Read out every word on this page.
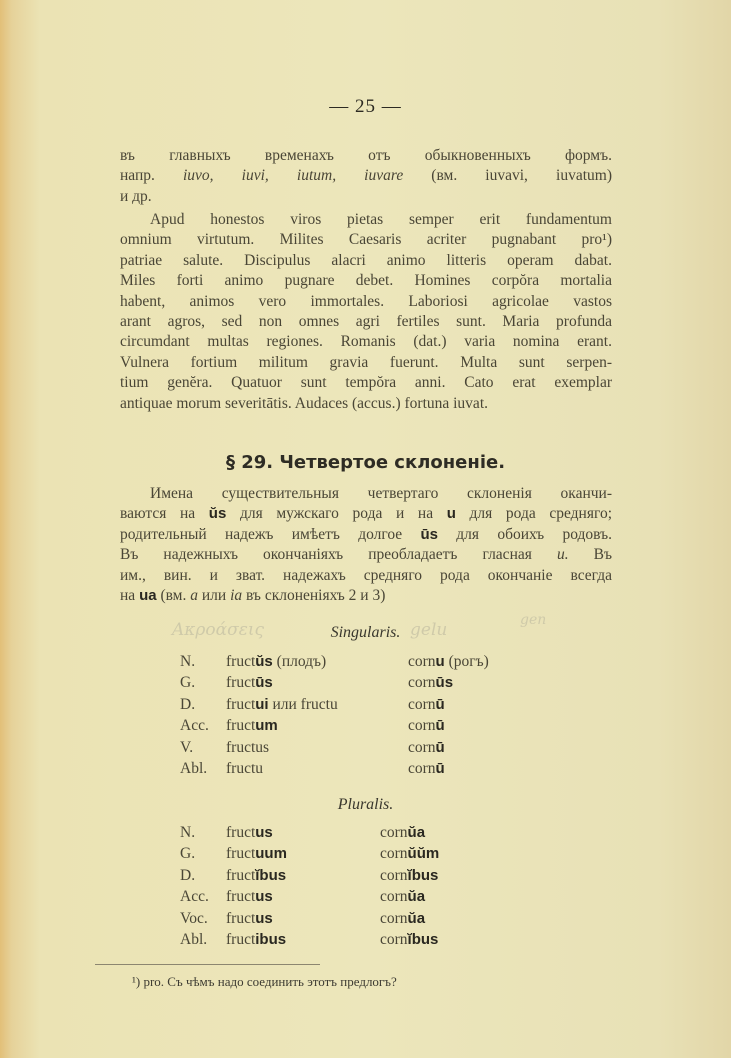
— 25 —

въ главныхъ временахъ отъ обыкновенныхъ формъ.
напр. iuvo, iuvi, iutum, iuvare (вм. iuvavi, iuvatum)
и др.

Apud honestos viros pietas semper erit fundamentum
omnium virtutum. Milites Caesaris acriter pugnabant pro¹)
patriae salute. Discipulus alacri animo litteris operam dabat.
Miles forti animo pugnare debet. Homines corpŏra mortalia
habent, animos vero immortales. Laboriosi agricolae vastos
arant agros, sed non omnes agri fertiles sunt. Maria profunda
circumdant multas regiones. Romanis (dat.) varia nomina erant.
Vulnera fortium militum gravia fuerunt. Multa sunt serpen-
tium genĕra. Quatuor sunt tempŏra anni. Cato erat exemplar
antiquae morum severitātis. Audaces (accus.) fortuna iuvat.

§ 29. Четвертое склоненіе.

Имена существительныя четвертаго склоненія оканчи-
ваются на ŭs для мужскаго рода и на u для рода средняго;
родительный надежъ имѣетъ долгое ūs для обоихъ родовъ.
Въ надежныхъ окончаніяхъ преобладаетъ гласная u. Въ
им., вин. и зват. надежахъ средняго рода окончаніе всегда
на ua (вм. a или ia въ склоненіяхъ 2 и 3)

Ακροάσεις	gelu	gen
Singularis.
N.	fructŭs (плодъ)	cornu (рогъ)
G.	fructūs	cornūs
D.	fructui или fructu	cornū
Acc.	fructum	cornū
V.	fructus	cornū
Abl.	fructu	cornū
Pluralis.
N.	fructus	cornŭa
G.	fructuum	cornŭŭm
D.	fructĭbus	cornĭbus
Acc.	fructus	cornŭa
Voc.	fructus	cornŭa
Abl.	fructibus	cornĭbus
¹) pro. Съ чѣмъ надо соединить этотъ предлогъ?
